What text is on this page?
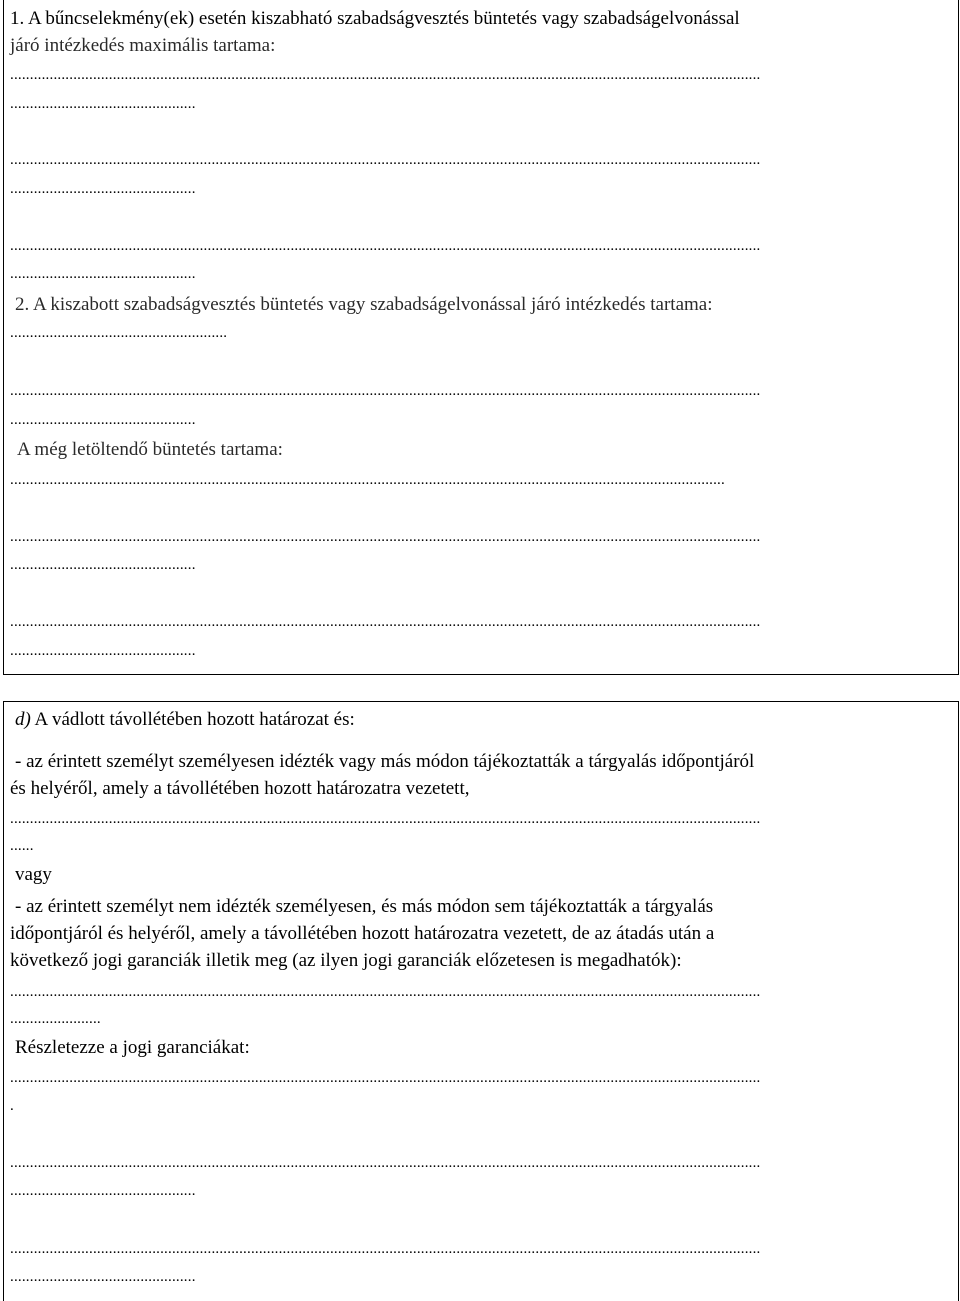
1. A bűncselekmény(ek) esetén kiszabható szabadságvesztés büntetés vagy szabadságelvonással
járó intézkedés maximális tartama:
..............................................................................................................................................................................................
...............................................
..............................................................................................................................................................................................
...............................................
..............................................................................................................................................................................................
...............................................
2. A kiszabott szabadságvesztés büntetés vagy szabadságelvonással járó intézkedés tartama:
.......................................................
..............................................................................................................................................................................................
...............................................
A még letöltendő büntetés tartama:
.....................................................................................................................................................................................
..............................................................................................................................................................................................
...............................................
..............................................................................................................................................................................................
...............................................
d) A vádlott távollétében hozott határozat és:
- az érintett személyt személyesen idézték vagy más módon tájékoztatták a tárgyalás időpontjáról
és helyéről, amely a távollétében hozott határozatra vezetett,
..............................................................................................................................................................................................
......
vagy
- az érintett személyt nem idézték személyesen, és más módon sem tájékoztatták a tárgyalás
időpontjáról és helyéről, amely a távollétében hozott határozatra vezetett, de az átadás után a
következő jogi garanciák illetik meg (az ilyen jogi garanciák előzetesen is megadhatók):
..............................................................................................................................................................................................
.......................
Részletezze a jogi garanciákat:
..............................................................................................................................................................................................
.
..............................................................................................................................................................................................
...............................................
..............................................................................................................................................................................................
...............................................
